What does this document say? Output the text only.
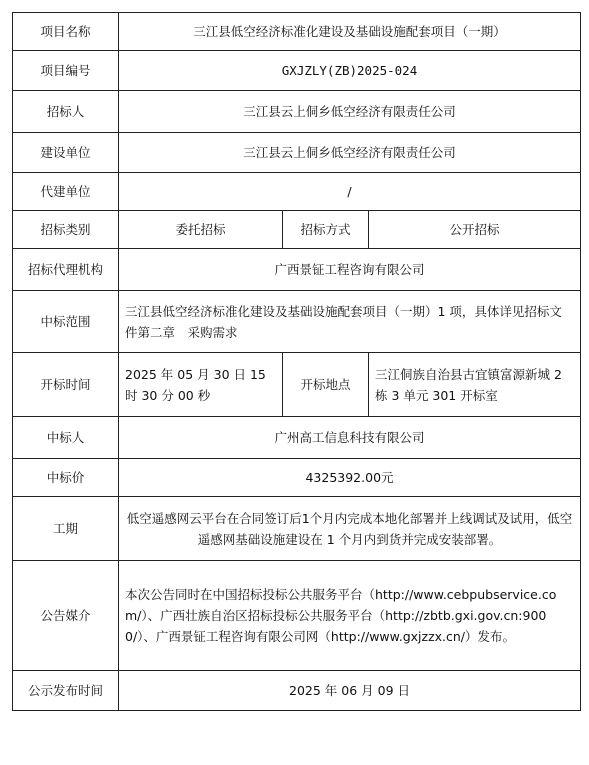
项目名称	三江县低空经济标准化建设及基础设施配套项目（一期）		
项目编号	GXJZLY(ZB)2025-024		
招标人	三江县云上侗乡低空经济有限责任公司		
建设单位	三江县云上侗乡低空经济有限责任公司		
代建单位	/		
招标类别	委托招标	招标方式	公开招标
招标代理机构	广西景钲工程咨询有限公司		
中标范围	三江县低空经济标准化建设及基础设施配套项目（一期）1 项，具体详见招标文件第二章　采购需求		
开标时间	2025 年 05 月 30 日 15 时 30 分 00 秒	开标地点	三江侗族自治县古宜镇富源新城 2 栋 3 单元 301 开标室
中标人	广州高工信息科技有限公司		
中标价	4325392.00元		
工期	低空遥感网云平台在合同签订后1个月内完成本地化部署并上线调试及试用，低空遥感网基础设施建设在 1 个月内到货并完成安装部署。		
公告媒介	本次公告同时在中国招标投标公共服务平台（http://www.cebpubservice.com/）、广西壮族自治区招标投标公共服务平台（http://zbtb.gxi.gov.cn:9000/）、广西景钲工程咨询有限公司网（http://www.gxjzzx.cn/）发布。		
公示发布时间	2025 年 06 月 09 日		
